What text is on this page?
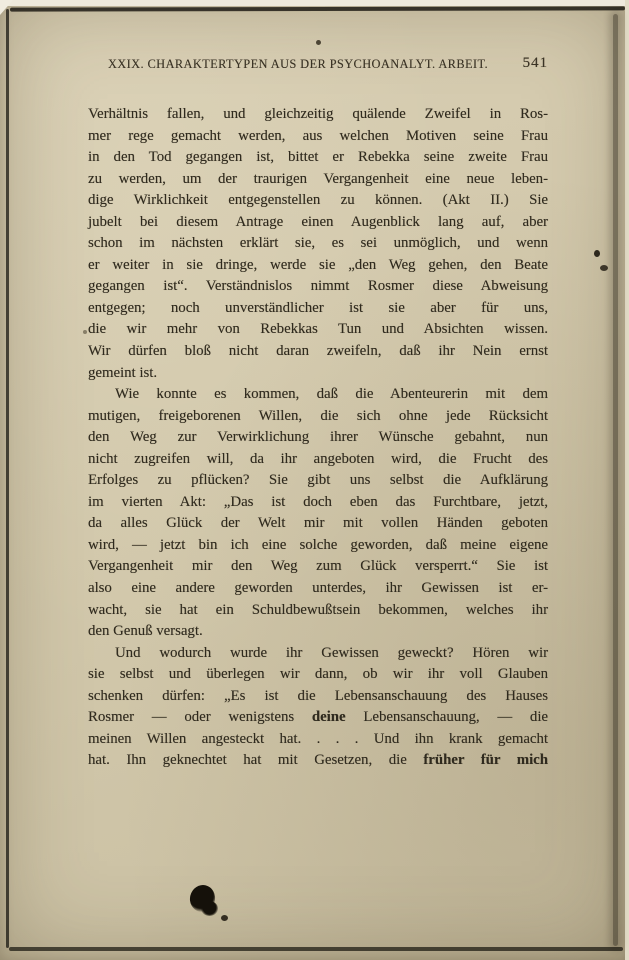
XXIX. CHARAKTERTYPEN AUS DER PSYCHOANALYT. ARBEIT.	541
Verhältnis fallen, und gleichzeitig quälende Zweifel in Ros-
mer rege gemacht werden, aus welchen Motiven seine Frau
in den Tod gegangen ist, bittet er Rebekka seine zweite Frau
zu werden, um der traurigen Vergangenheit eine neue leben-
dige Wirklichkeit entgegenstellen zu können. (Akt II.) Sie
jubelt bei diesem Antrage einen Augenblick lang auf, aber
schon im nächsten erklärt sie, es sei unmöglich, und wenn
er weiter in sie dringe, werde sie „den Weg gehen, den Beate
gegangen ist“. Verständnislos nimmt Rosmer diese Abweisung
entgegen; noch unverständlicher ist sie aber für uns,
die wir mehr von Rebekkas Tun und Absichten wissen.
Wir dürfen bloß nicht daran zweifeln, daß ihr Nein ernst
gemeint ist.
Wie konnte es kommen, daß die Abenteurerin mit dem
mutigen, freigeborenen Willen, die sich ohne jede Rücksicht
den Weg zur Verwirklichung ihrer Wünsche gebahnt, nun
nicht zugreifen will, da ihr angeboten wird, die Frucht des
Erfolges zu pflücken? Sie gibt uns selbst die Aufklärung
im vierten Akt: „Das ist doch eben das Furchtbare, jetzt,
da alles Glück der Welt mir mit vollen Händen geboten
wird, — jetzt bin ich eine solche geworden, daß meine eigene
Vergangenheit mir den Weg zum Glück versperrt.“ Sie ist
also eine andere geworden unterdes, ihr Gewissen ist er-
wacht, sie hat ein Schuldbewußtsein bekommen, welches ihr
den Genuß versagt.
Und wodurch wurde ihr Gewissen geweckt? Hören wir
sie selbst und überlegen wir dann, ob wir ihr voll Glauben
schenken dürfen: „Es ist die Lebensanschauung des Hauses
Rosmer — oder wenigstens deine Lebensanschauung, — die
meinen Willen angesteckt hat. . . . Und ihn krank gemacht
hat. Ihn geknechtet hat mit Gesetzen, die früher für mich
